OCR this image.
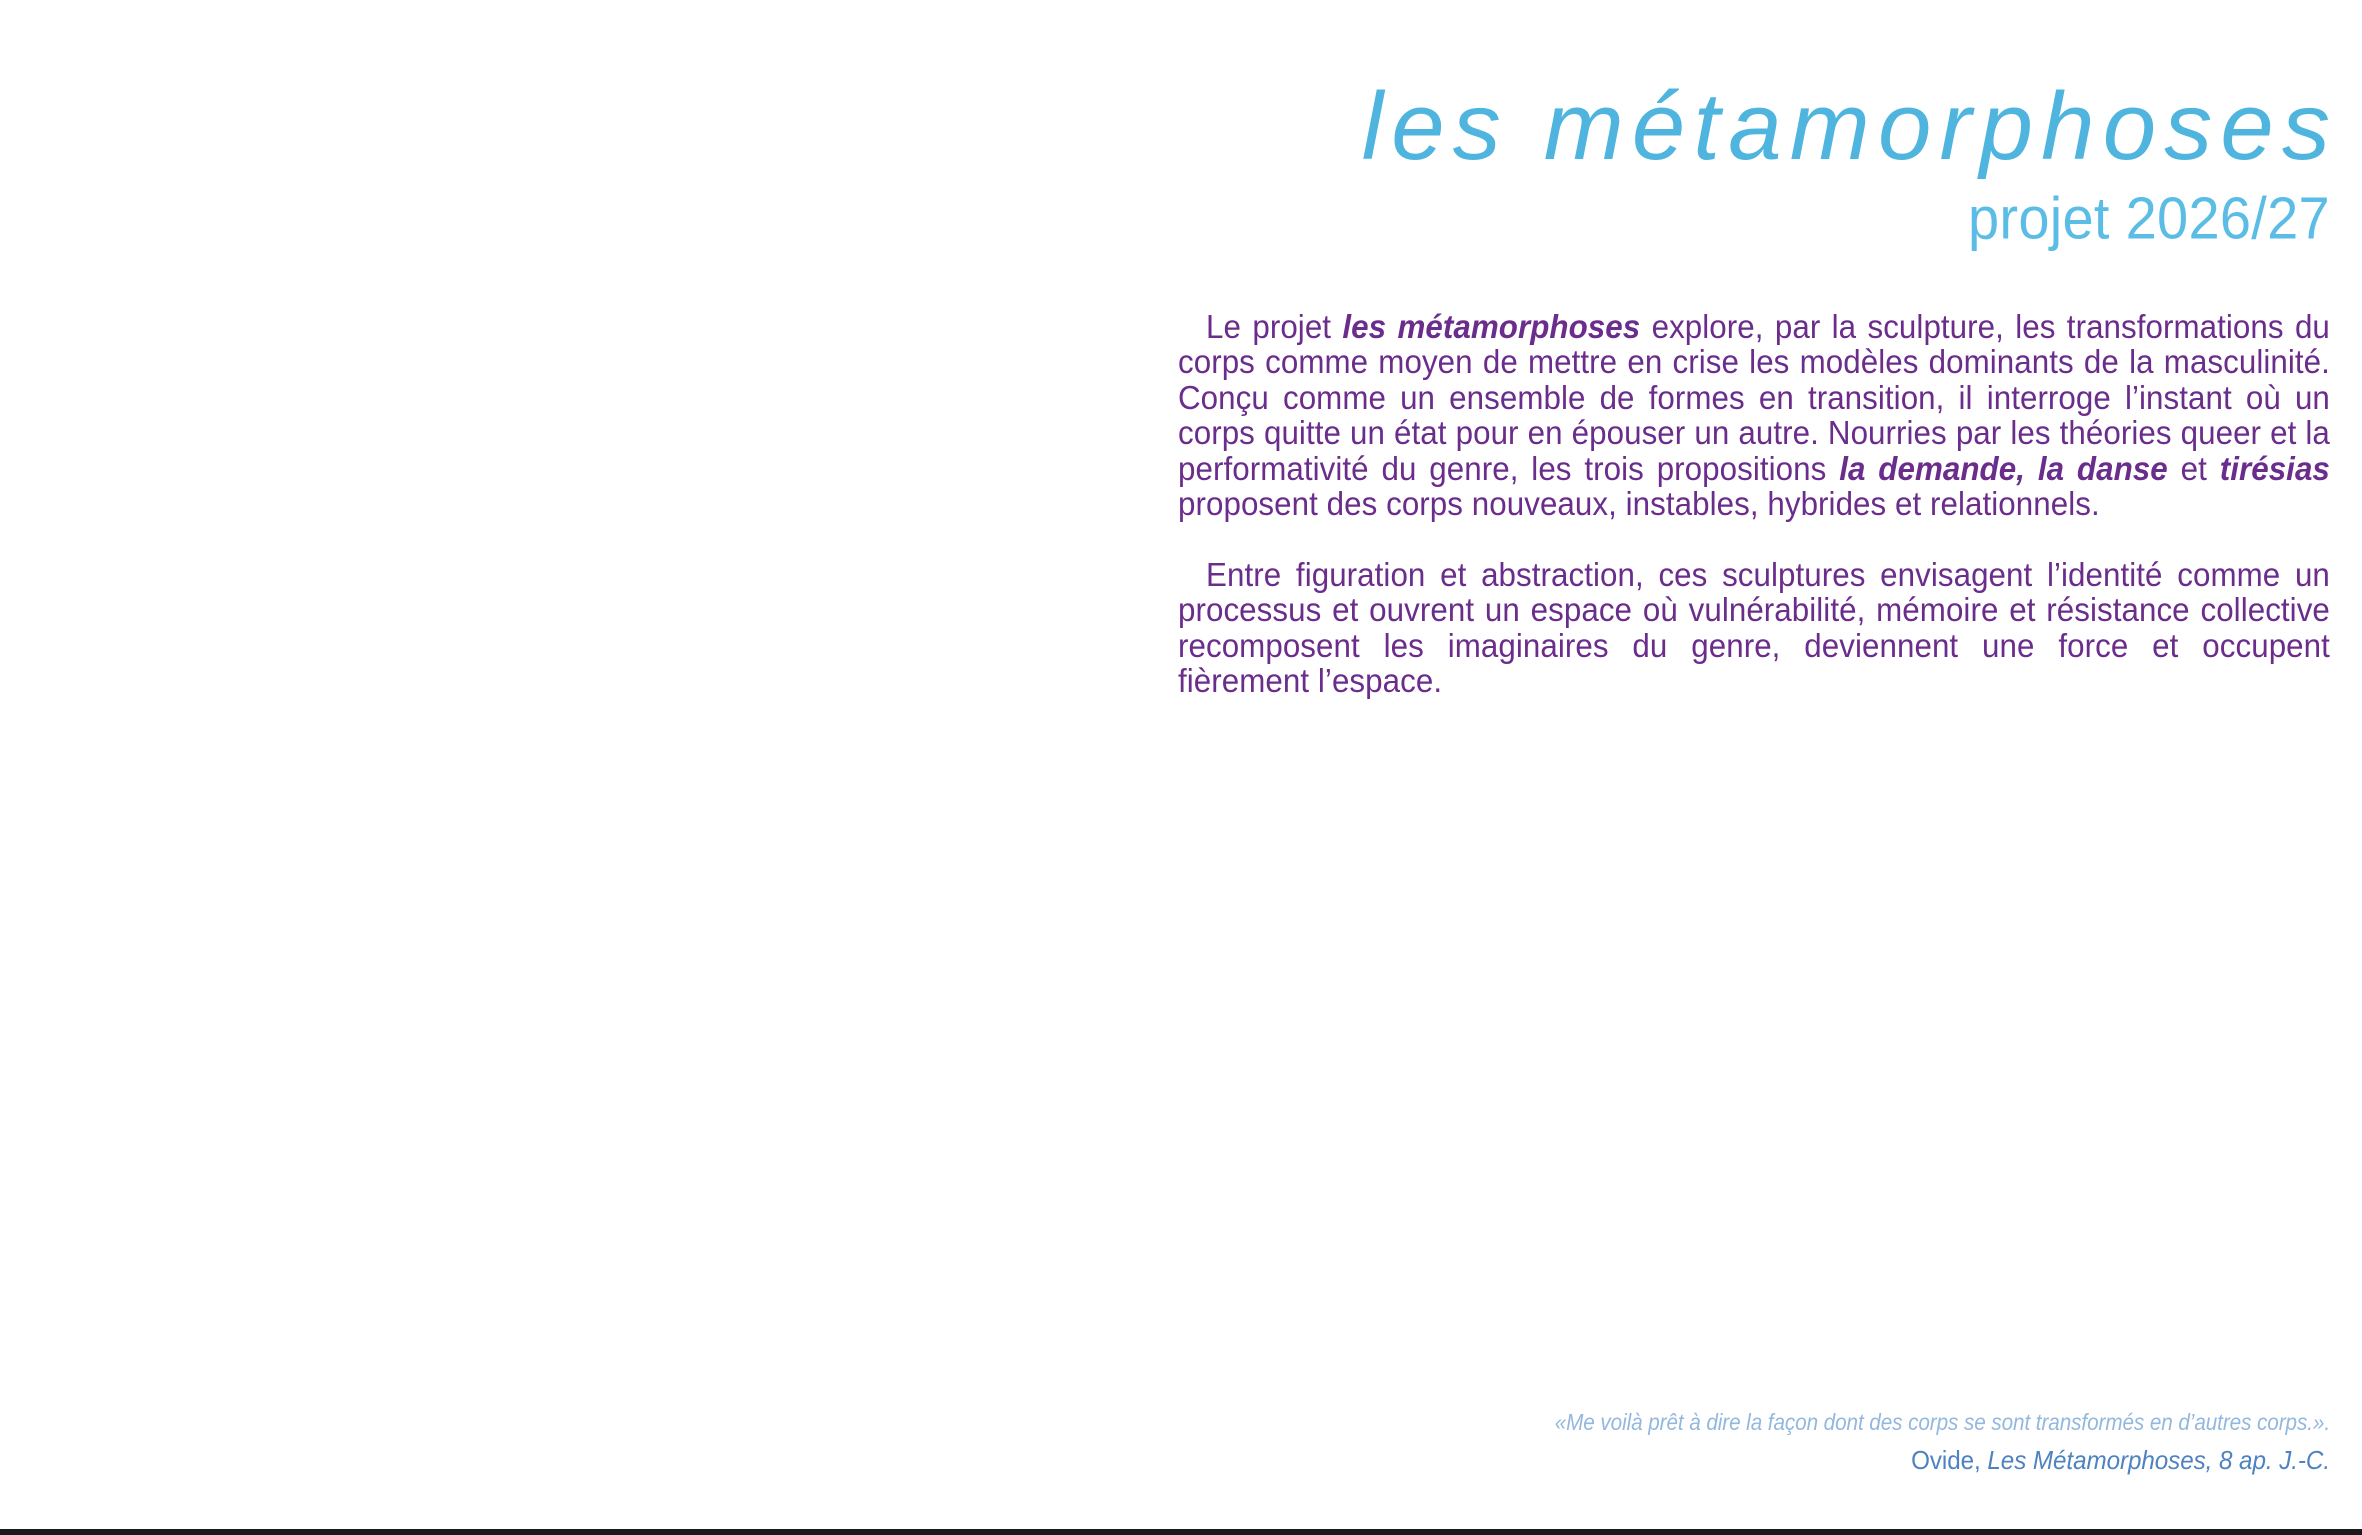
les métamorphoses
projet 2026/27

Le projet les métamorphoses explore, par la sculpture, les transformations du corps comme moyen de mettre en crise les modèles dominants de la masculinité. Conçu comme un ensemble de formes en transition, il interroge l’instant où un corps quitte un état pour en épouser un autre. Nourries par les théories queer et la performativité du genre, les trois propositions la demande, la danse et tirésias proposent des corps nouveaux, instables, hybrides et relationnels.

Entre figuration et abstraction, ces sculptures envisagent l’identité comme un processus et ouvrent un espace où vulnérabilité, mémoire et résistance collective recomposent les imaginaires du genre, deviennent une force et occupent fièrement l’espace.

«Me voilà prêt à dire la façon dont des corps se sont transformés en d’autres corps.».

Ovide, Les Métamorphoses, 8 ap. J.-C.
